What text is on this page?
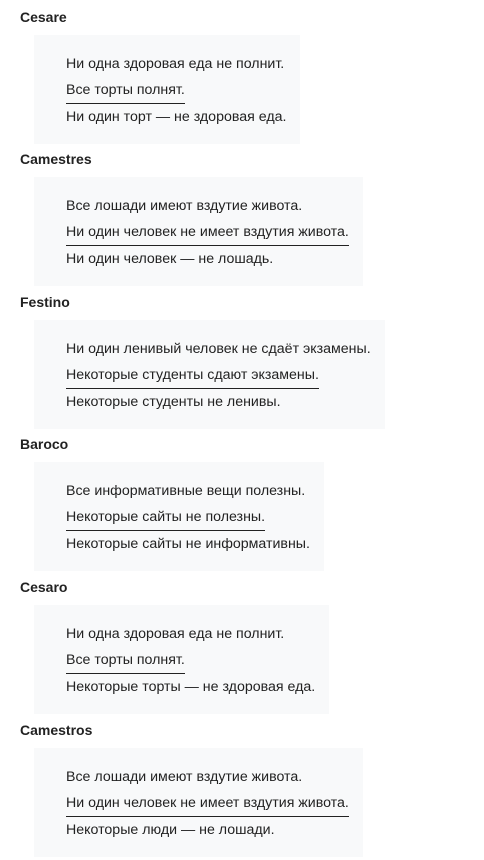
Cesare

Ни одна здоровая еда не полнит.
Все торты полнят.
Ни один торт — не здоровая еда.

Camestres

Все лошади имеют вздутие живота.
Ни один человек не имеет вздутия живота.
Ни один человек — не лошадь.

Festino

Ни один ленивый человек не сдаёт экзамены.
Некоторые студенты сдают экзамены.
Некоторые студенты не ленивы.

Baroco

Все информативные вещи полезны.
Некоторые сайты не полезны.
Некоторые сайты не информативны.

Cesaro

Ни одна здоровая еда не полнит.
Все торты полнят.
Некоторые торты — не здоровая еда.

Camestros

Все лошади имеют вздутие живота.
Ни один человек не имеет вздутия живота.
Некоторые люди — не лошади.
